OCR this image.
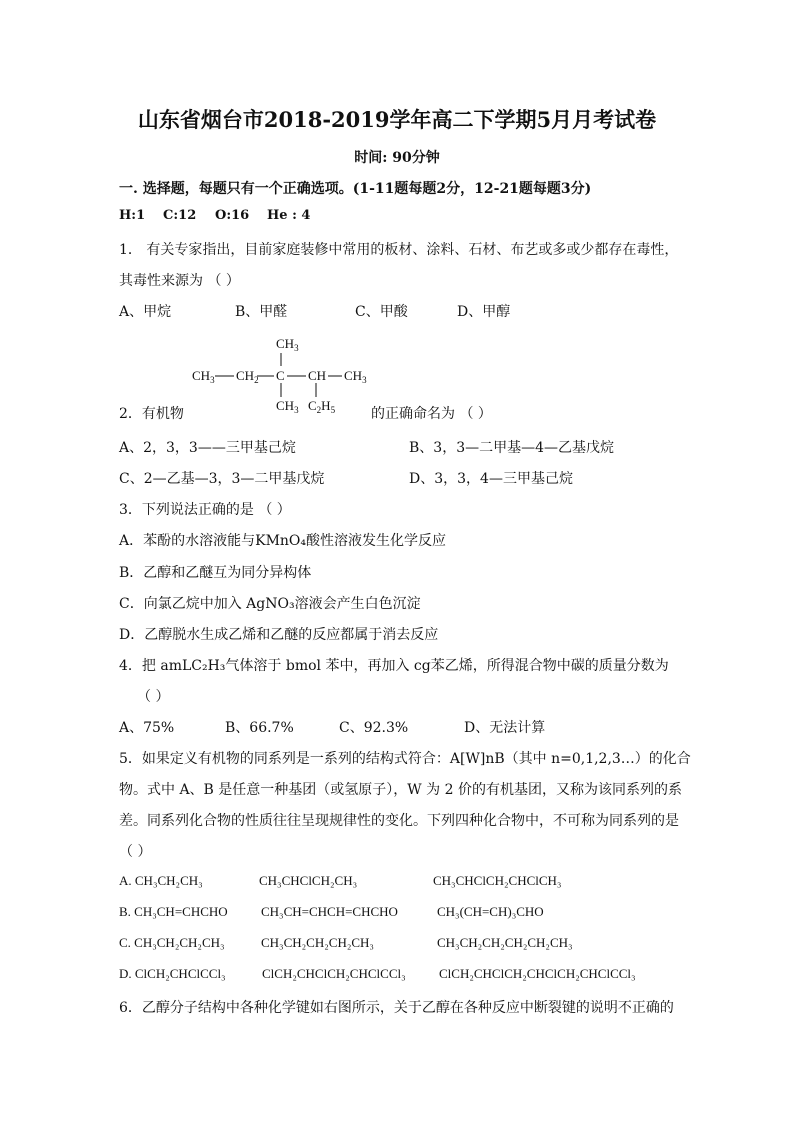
山东省烟台市2018-2019学年高二下学期5月月考试卷
时间: 90分钟
一. 选择题，每题只有一个正确选项。(1-11题每题2分，12-21题每题3分)
H:1 C:12 O:16 He : 4
1． 有关专家指出，目前家庭装修中常用的板材、涂料、石材、布艺或多或少都存在毒性，
其毒性来源为 （ ）
A、甲烷	B、甲醛	C、甲酸	D、甲醇
$CH_3$
$CH_3$ $CH_2$ C CH $CH_3$
$CH_3$ $C_2H_5$
2．有机物	的正确命名为 （ ）
A、2，3，3——三甲基己烷	B、3，3—二甲基—4—乙基戊烷
C、2—乙基—3，3—二甲基戊烷	D、3，3，4—三甲基己烷
3．下列说法正确的是 （ ）
A．苯酚的水溶液能与KMnO₄酸性溶液发生化学反应
B．乙醇和乙醚互为同分异构体
C．向氯乙烷中加入 AgNO₃溶液会产生白色沉淀
D．乙醇脱水生成乙烯和乙醚的反应都属于消去反应
4．把 amLC₂H₃气体溶于 bmol 苯中，再加入 cg苯乙烯，所得混合物中碳的质量分数为
（ ）
A、75%	B、66.7%	C、92.3%	D、无法计算
5．如果定义有机物的同系列是一系列的结构式符合：A[W]nB（其中 n=0,1,2,3…）的化合
物。式中 A、B 是任意一种基团（或氢原子），W 为 2 价的有机基团，又称为该同系列的系
差。同系列化合物的性质往往呈现规律性的变化。下列四种化合物中，不可称为同系列的是
（ ）
A. CH₃CH₂CH₃	CH₃CHClCH₂CH₃	CH₃CHClCH₂CHClCH₃
B. CH₃CH=CHCHO	CH₃CH=CHCH=CHCHO	CH₃(CH=CH)₃CHO
C. CH₃CH₂CH₂CH₃	CH₃CH₂CH₂CH₂CH₃	CH₃CH₂CH₂CH₂CH₂CH₃
D. ClCH₂CHClCCl₃	ClCH₂CHClCH₂CHClCCl₃	ClCH₂CHClCH₂CHClCH₂CHClCCl₃
6．乙醇分子结构中各种化学键如右图所示，关于乙醇在各种反应中断裂键的说明不正确的
